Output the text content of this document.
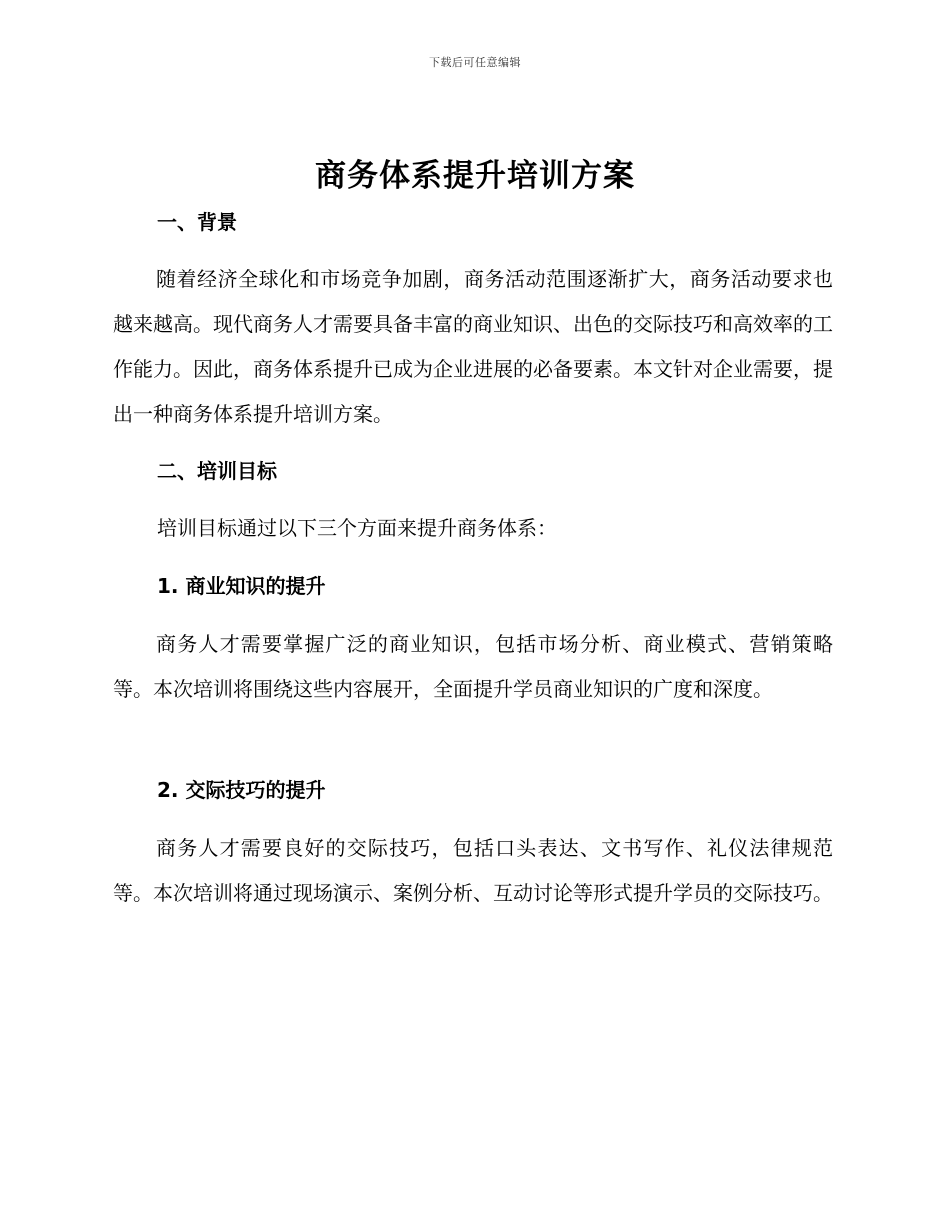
下载后可任意编辑
商务体系提升培训方案
一、背景
随着经济全球化和市场竞争加剧，商务活动范围逐渐扩大，商务活动要求也越来越高。现代商务人才需要具备丰富的商业知识、出色的交际技巧和高效率的工作能力。因此，商务体系提升已成为企业进展的必备要素。本文针对企业需要，提出一种商务体系提升培训方案。
二、培训目标
培训目标通过以下三个方面来提升商务体系：
1. 商业知识的提升
商务人才需要掌握广泛的商业知识，包括市场分析、商业模式、营销策略等。本次培训将围绕这些内容展开，全面提升学员商业知识的广度和深度。
2. 交际技巧的提升
商务人才需要良好的交际技巧，包括口头表达、文书写作、礼仪法律规范等。本次培训将通过现场演示、案例分析、互动讨论等形式提升学员的交际技巧。
